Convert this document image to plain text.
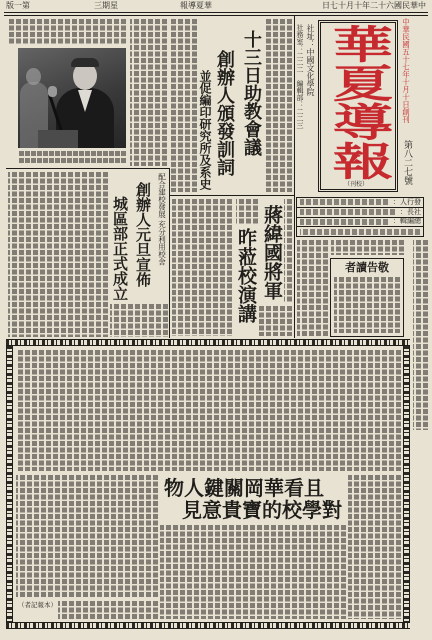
第一版	星期三	華夏導報	中華民國六十二年十月十七日
並促編印研究所及系史 創辦人頒發訓詞 十三日助教會議	社址：中國文化學院
社務室：二二二
編輯部：二二三 華夏導報
（校刊）
中華民國五十七年十月十日創刊
第八二七號
發行人：
社長：
總編輯：
敬告讀者
昨蒞校演講 蔣緯國將軍
城區部正式成立 創辦人元旦宣佈 配合建校發展 充分利用校舍
且看華岡關鍵人物
對學校的寶貴意見
（本報記者）
